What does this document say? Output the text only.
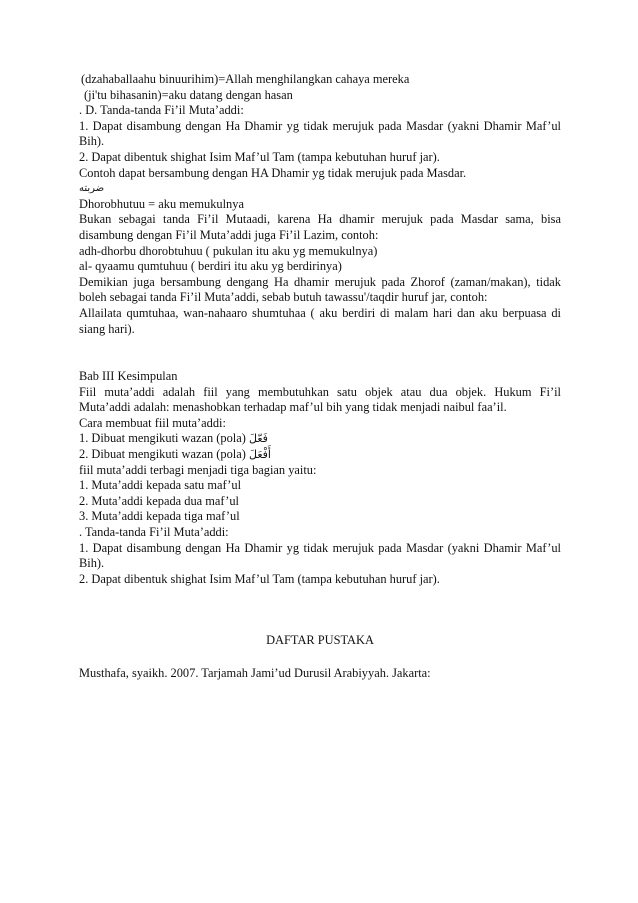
(dzahaballaahu binuurihim)=Allah menghilangkan cahaya mereka
(ji'tu bihasanin)=aku datang dengan hasan
. D. Tanda-tanda Fi’il Muta’addi:
1. Dapat disambung dengan Ha Dhamir yg tidak merujuk pada Masdar (yakni Dhamir Maf’ul
Bih).
2. Dapat dibentuk shighat Isim Maf’ul Tam (tampa kebutuhan huruf jar).
Contoh dapat bersambung dengan HA Dhamir yg tidak merujuk pada Masdar.
ضربته
Dhorobhutuu = aku memukulnya
Bukan sebagai tanda Fi’il Mutaadi, karena Ha dhamir merujuk pada Masdar sama, bisa
disambung dengan Fi’il Muta’addi juga Fi’il Lazim, contoh:
adh-dhorbu dhorobtuhuu ( pukulan itu aku yg memukulnya)
al- qyaamu qumtuhuu ( berdiri itu aku yg berdirinya)
Demikian juga bersambung dengang Ha dhamir merujuk pada Zhorof (zaman/makan), tidak
boleh sebagai tanda Fi’il Muta’addi, sebab butuh tawassu'/taqdir huruf jar, contoh:
Allailata qumtuhaa, wan-nahaaro shumtuhaa ( aku berdiri di malam hari dan aku berpuasa di
siang hari).
Bab III Kesimpulan
Fiil muta’addi adalah fiil yang membutuhkan satu objek atau dua objek. Hukum Fi’il
Muta’addi adalah: menashobkan terhadap maf’ul bih yang tidak menjadi naibul faa’il.
Cara membuat fiil muta’addi:
1. Dibuat mengikuti wazan (pola) فَعّلَ
2. Dibuat mengikuti wazan (pola) أَفْعَلَ
fiil muta’addi terbagi menjadi tiga bagian yaitu:
1. Muta’addi kepada satu maf’ul
2. Muta’addi kepada dua maf’ul
3. Muta’addi kepada tiga maf’ul
. Tanda-tanda Fi’il Muta’addi:
1. Dapat disambung dengan Ha Dhamir yg tidak merujuk pada Masdar (yakni Dhamir Maf’ul
Bih).
2. Dapat dibentuk shighat Isim Maf’ul Tam (tampa kebutuhan huruf jar).
DAFTAR PUSTAKA
Musthafa, syaikh. 2007. Tarjamah Jami’ud Durusil Arabiyyah. Jakarta:
